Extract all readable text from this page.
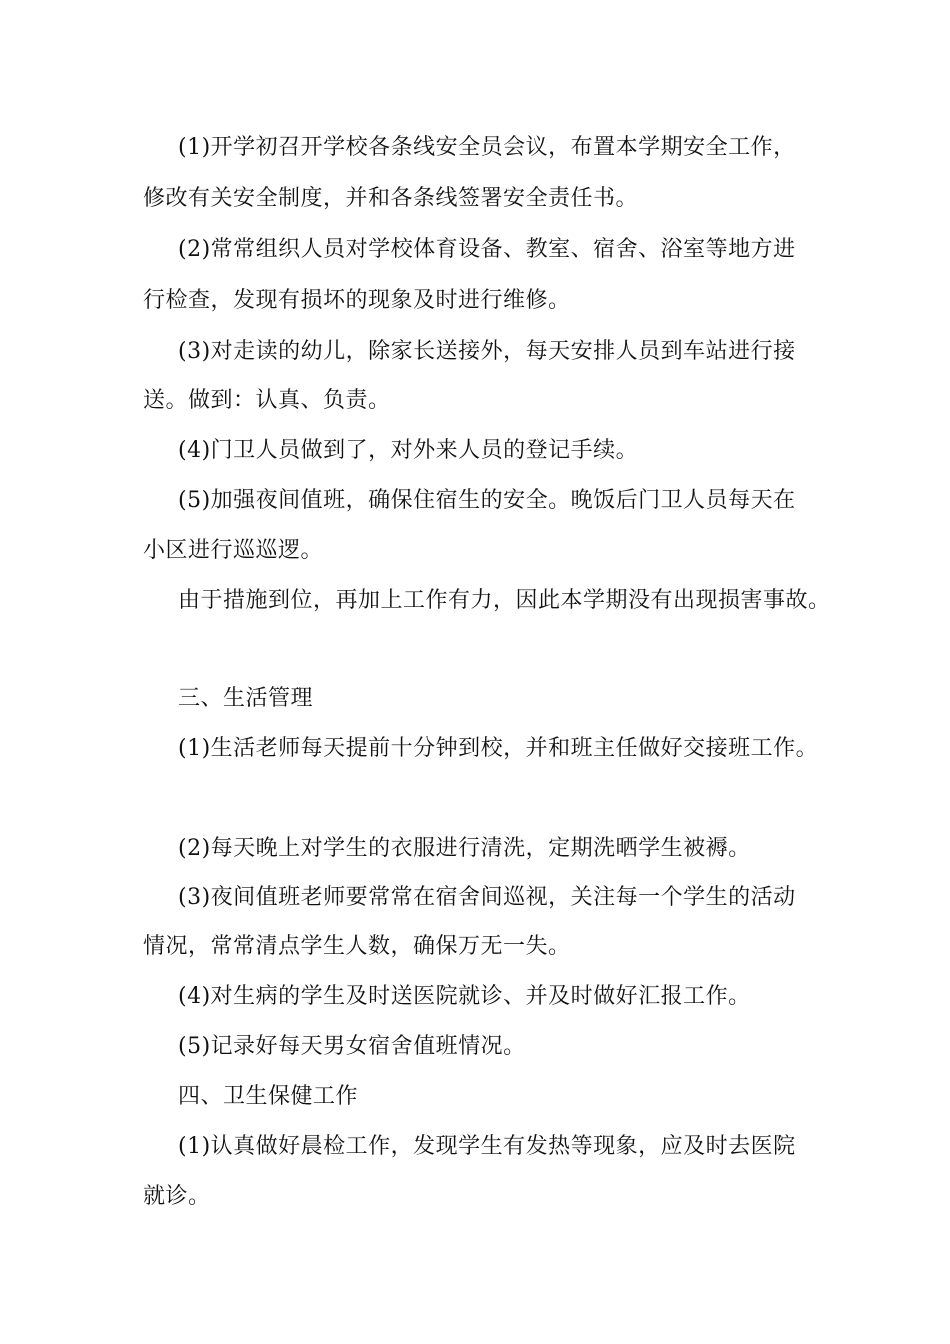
(1)开学初召开学校各条线安全员会议，布置本学期安全工作，
修改有关安全制度，并和各条线签署安全责任书。
(2)常常组织人员对学校体育设备、教室、宿舍、浴室等地方进
行检查，发现有损坏的现象及时进行维修。
(3)对走读的幼儿，除家长送接外，每天安排人员到车站进行接
送。做到：认真、负责。
(4)门卫人员做到了，对外来人员的登记手续。
(5)加强夜间值班，确保住宿生的安全。晚饭后门卫人员每天在
小区进行巡巡逻。
由于措施到位，再加上工作有力，因此本学期没有出现损害事故。
三、生活管理
(1)生活老师每天提前十分钟到校，并和班主任做好交接班工作。
(2)每天晚上对学生的衣服进行清洗，定期洗晒学生被褥。
(3)夜间值班老师要常常在宿舍间巡视，关注每一个学生的活动
情况，常常清点学生人数，确保万无一失。
(4)对生病的学生及时送医院就诊、并及时做好汇报工作。
(5)记录好每天男女宿舍值班情况。
四、卫生保健工作
(1)认真做好晨检工作，发现学生有发热等现象，应及时去医院
就诊。
